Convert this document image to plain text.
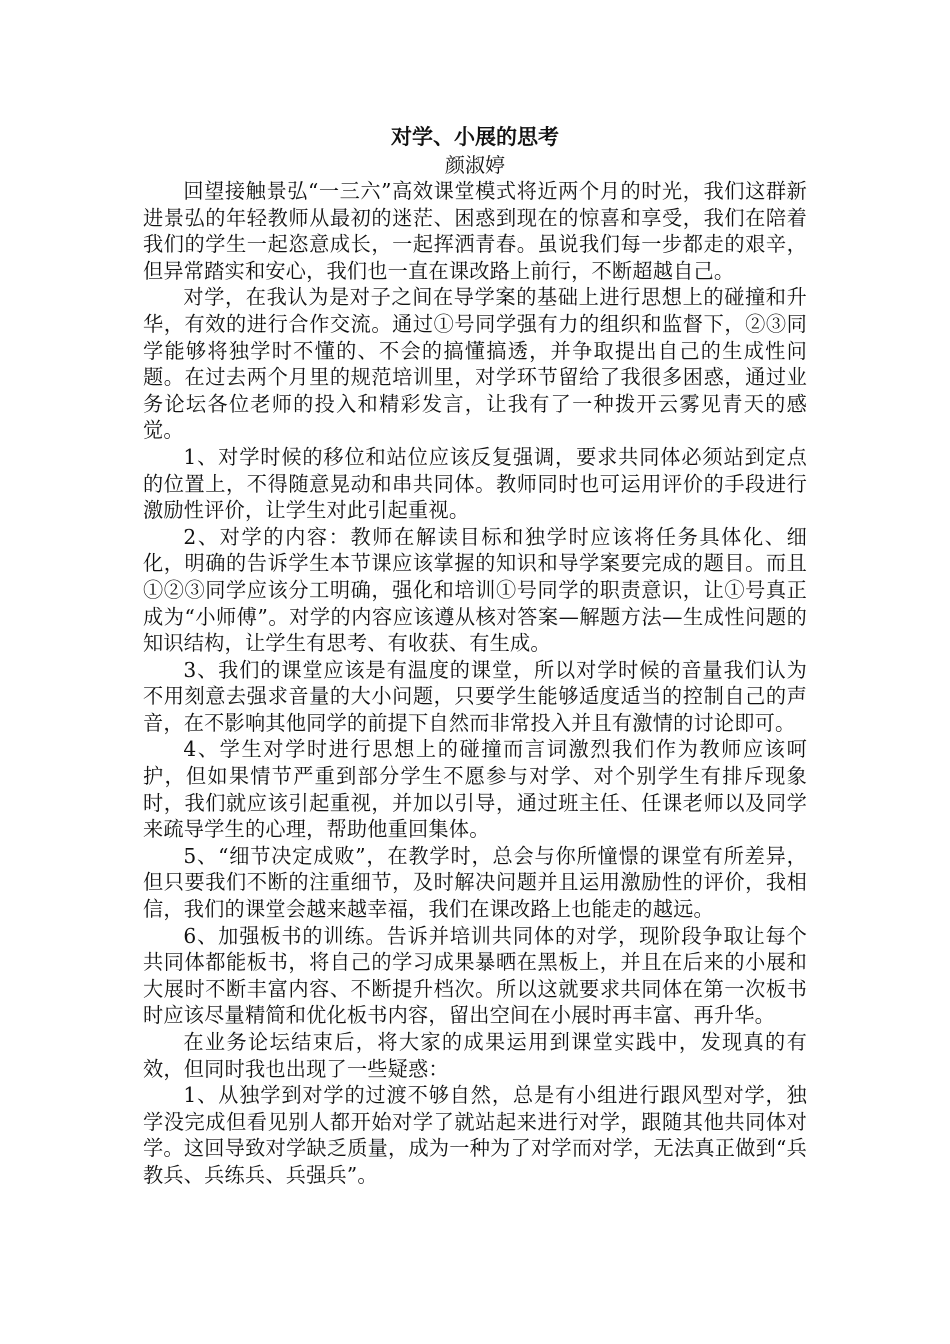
对学、小展的思考
颜淑婷

回望接触景弘“一三六”高效课堂模式将近两个月的时光，我们这群新进景弘的年轻教师从最初的迷茫、困惑到现在的惊喜和享受，我们在陪着我们的学生一起恣意成长，一起挥洒青春。虽说我们每一步都走的艰辛，但异常踏实和安心，我们也一直在课改路上前行，不断超越自己。

对学，在我认为是对子之间在导学案的基础上进行思想上的碰撞和升华，有效的进行合作交流。通过①号同学强有力的组织和监督下，②③同学能够将独学时不懂的、不会的搞懂搞透，并争取提出自己的生成性问题。在过去两个月里的规范培训里，对学环节留给了我很多困惑，通过业务论坛各位老师的投入和精彩发言，让我有了一种拨开云雾见青天的感觉。

1、对学时候的移位和站位应该反复强调，要求共同体必须站到定点的位置上，不得随意晃动和串共同体。教师同时也可运用评价的手段进行激励性评价，让学生对此引起重视。

2、对学的内容：教师在解读目标和独学时应该将任务具体化、细化，明确的告诉学生本节课应该掌握的知识和导学案要完成的题目。而且①②③同学应该分工明确，强化和培训①号同学的职责意识，让①号真正成为“小师傅”。对学的内容应该遵从核对答案—解题方法—生成性问题的知识结构，让学生有思考、有收获、有生成。

3、我们的课堂应该是有温度的课堂，所以对学时候的音量我们认为不用刻意去强求音量的大小问题，只要学生能够适度适当的控制自己的声音，在不影响其他同学的前提下自然而非常投入并且有激情的讨论即可。

4、学生对学时进行思想上的碰撞而言词激烈我们作为教师应该呵护，但如果情节严重到部分学生不愿参与对学、对个别学生有排斥现象时，我们就应该引起重视，并加以引导，通过班主任、任课老师以及同学来疏导学生的心理，帮助他重回集体。

5、“细节决定成败”，在教学时，总会与你所憧憬的课堂有所差异，但只要我们不断的注重细节，及时解决问题并且运用激励性的评价，我相信，我们的课堂会越来越幸福，我们在课改路上也能走的越远。

6、加强板书的训练。告诉并培训共同体的对学，现阶段争取让每个共同体都能板书，将自己的学习成果暴晒在黑板上，并且在后来的小展和大展时不断丰富内容、不断提升档次。所以这就要求共同体在第一次板书时应该尽量精简和优化板书内容，留出空间在小展时再丰富、再升华。

在业务论坛结束后，将大家的成果运用到课堂实践中，发现真的有效，但同时我也出现了一些疑惑：

1、从独学到对学的过渡不够自然，总是有小组进行跟风型对学，独学没完成但看见别人都开始对学了就站起来进行对学，跟随其他共同体对学。这回导致对学缺乏质量，成为一种为了对学而对学，无法真正做到“兵教兵、兵练兵、兵强兵”。
